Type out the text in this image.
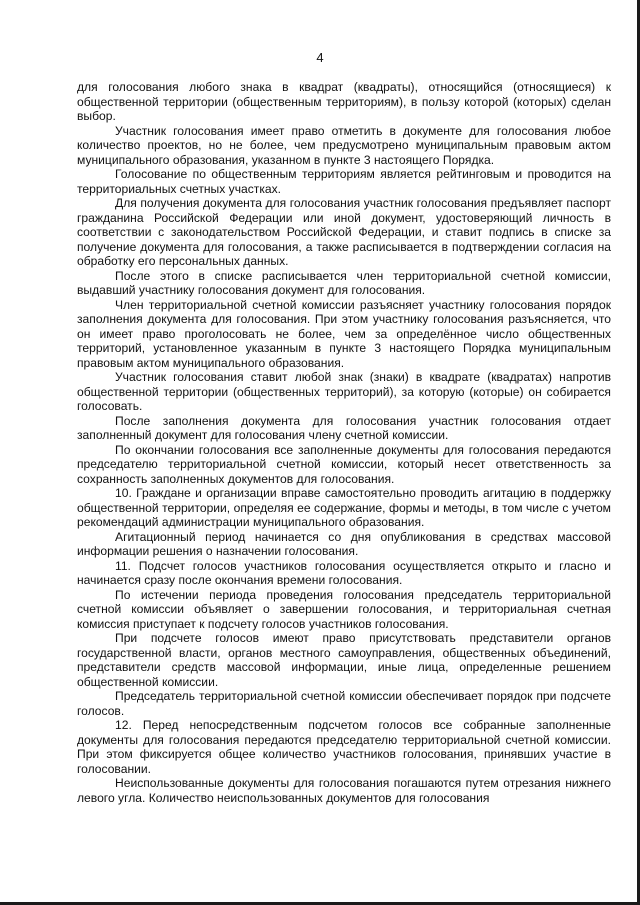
4

для голосования любого знака в квадрат (квадраты), относящийся (относящиеся) к общественной территории (общественным территориям), в пользу которой (которых) сделан выбор.

Участник голосования имеет право отметить в документе для голосования любое количество проектов, но не более, чем предусмотрено муниципальным правовым актом муниципального образования, указанном в пункте 3 настоящего Порядка.

Голосование по общественным территориям является рейтинговым и проводится на территориальных счетных участках.

Для получения документа для голосования участник голосования предъявляет паспорт гражданина Российской Федерации или иной документ, удостоверяющий личность в соответствии с законодательством Российской Федерации, и ставит подпись в списке за получение документа для голосования, а также расписывается в подтверждении согласия на обработку его персональных данных.

После этого в списке расписывается член территориальной счетной комиссии, выдавший участнику голосования документ для голосования.

Член территориальной счетной комиссии разъясняет участнику голосования порядок заполнения документа для голосования. При этом участнику голосования разъясняется, что он имеет право проголосовать не более, чем за определённое число общественных территорий, установленное указанным в пункте 3 настоящего Порядка муниципальным правовым актом муниципального образования.

Участник голосования ставит любой знак (знаки) в квадрате (квадратах) напротив общественной территории (общественных территорий), за которую (которые) он собирается голосовать.

После заполнения документа для голосования участник голосования отдает заполненный документ для голосования члену счетной комиссии.

По окончании голосования все заполненные документы для голосования передаются председателю территориальной счетной комиссии, который несет ответственность за сохранность заполненных документов для голосования.

10. Граждане и организации вправе самостоятельно проводить агитацию в поддержку общественной территории, определяя ее содержание, формы и методы, в том числе с учетом рекомендаций администрации муниципального образования.

Агитационный период начинается со дня опубликования в средствах массовой информации решения о назначении голосования.

11. Подсчет голосов участников голосования осуществляется открыто и гласно и начинается сразу после окончания времени голосования.

По истечении периода проведения голосования председатель территориальной счетной комиссии объявляет о завершении голосования, и территориальная счетная комиссия приступает к подсчету голосов участников голосования.

При подсчете голосов имеют право присутствовать представители органов государственной власти, органов местного самоуправления, общественных объединений, представители средств массовой информации, иные лица, определенные решением общественной комиссии.

Председатель территориальной счетной комиссии обеспечивает порядок при подсчете голосов.

12. Перед непосредственным подсчетом голосов все собранные заполненные документы для голосования передаются председателю территориальной счетной комиссии. При этом фиксируется общее количество участников голосования, принявших участие в голосовании.

Неиспользованные документы для голосования погашаются путем отрезания нижнего левого угла. Количество неиспользованных документов для голосования
